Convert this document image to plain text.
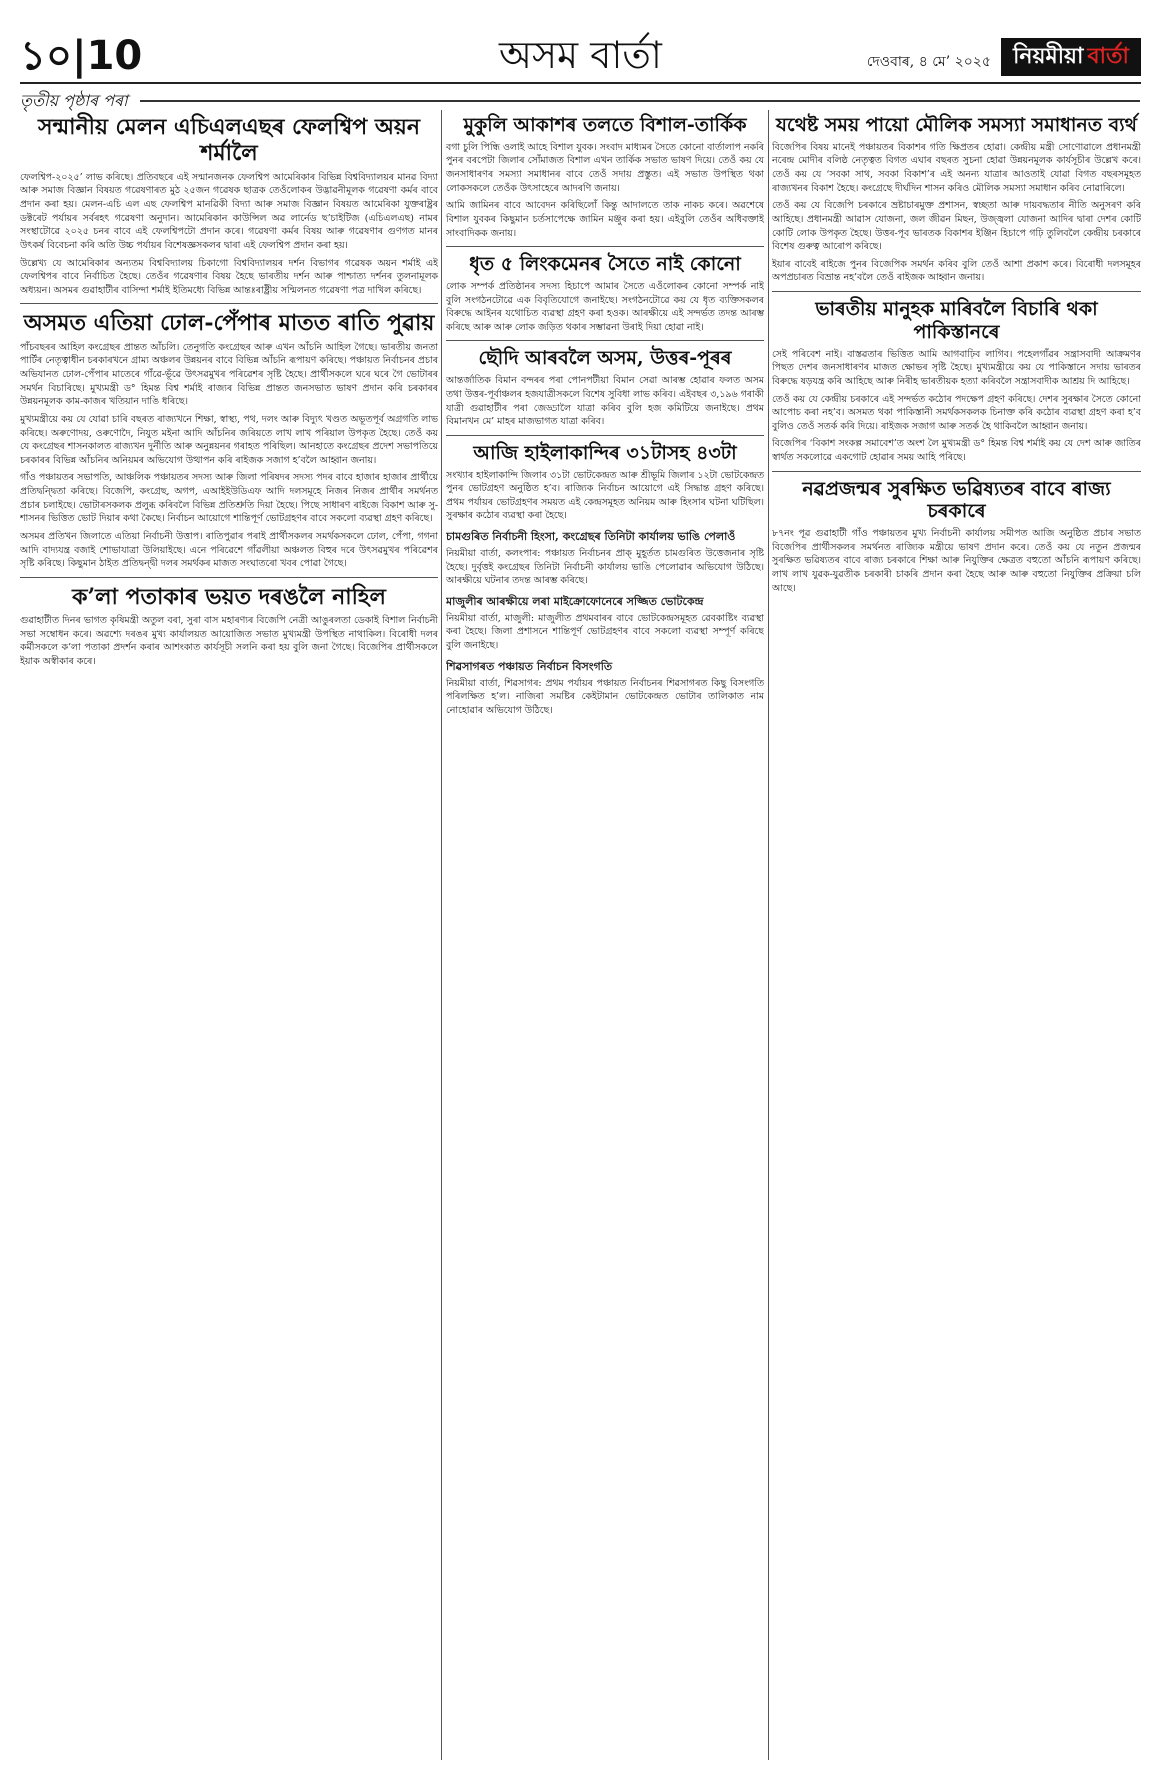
১০|10	অসম বাৰ্তা	দেওবাৰ, ৪ মে’ ২০২৫ নিয়মীয়া বাৰ্তা
তৃতীয় পৃষ্ঠাৰ পৰা
সন্মানীয় মেলন এচিএলএছৰ ফেলশ্বিপ অয়ন শৰ্মালৈ

ফেলশ্বিপ-২০২৫’ লাভ কৰিছে। প্ৰতিবছৰে এই সন্মানজনক ফেলশ্বিপ আমেৰিকাৰ বিভিন্ন বিশ্ববিদ্যালয়ৰ মানৱ বিদ্যা আৰু সমাজ বিজ্ঞান বিষয়ত গৱেষণাৰত মুঠ ২৫জন গৱেষক ছাত্ৰক তেওঁলোকৰ উদ্ভাৱনীমূলক গৱেষণা কৰ্মৰ বাবে প্ৰদান কৰা হয়। মেলন-এচি এল এছ ফেলশ্বিপ মানৱিকী বিদ্যা আৰু সমাজ বিজ্ঞান বিষয়ত আমেৰিকা যুক্তৰাষ্ট্ৰৰ ডক্টৰেট পৰ্যায়ৰ সৰ্বৰহৎ গৱেষণা অনুদান। আমেৰিকান কাউন্সিল অৱ লাৰ্নেড ছ’চাইটিজ (এচিএলএছ) নামৰ সংস্থাটোৱে ২০২৫ চনৰ বাবে এই ফেলশ্বিপটো প্ৰদান কৰে। গৱেষণা কৰ্মৰ বিষয় আৰু গৱেষণাৰ গুণগত মানৰ উৎকৰ্ষ বিবেচনা কৰি অতি উচ্চ পৰ্যায়ৰ বিশেষজ্ঞসকলৰ দ্বাৰা এই ফেলশ্বিপ প্ৰদান কৰা হয়।

উল্লেখ্য যে আমেৰিকাৰ অন্যতম বিশ্ববিদ্যালয় চিকাগো বিশ্ববিদ্যালয়ৰ দৰ্শন বিভাগৰ গৱেষক অয়ন শৰ্মাই এই ফেলশ্বিপৰ বাবে নিৰ্বাচিত হৈছে। তেওঁৰ গৱেষণাৰ বিষয় হৈছে ভাৰতীয় দৰ্শন আৰু পাশ্চাত্য দৰ্শনৰ তুলনামূলক অধ্যয়ন। অসমৰ গুৱাহাটীৰ বাসিন্দা শৰ্মাই ইতিমধ্যে বিভিন্ন আন্তঃৰাষ্ট্ৰীয় সন্মিলনত গৱেষণা পত্ৰ দাখিল কৰিছে।

অসমত এতিয়া ঢোল-পেঁপাৰ মাতত ৰাতি পুৱায়

পাঁচবছৰৰ আহিল কংগ্ৰেছৰ প্ৰান্তত আঁচলি। তেনুগতি কংগ্ৰেছৰ আৰু এখন আঁচনি আহিল গৈছে। ভাৰতীয় জনতা পাৰ্টিৰ নেতৃত্বাধীন চৰকাৰখনে গ্ৰাম্য অঞ্চলৰ উন্নয়নৰ বাবে বিভিন্ন আঁচনি ৰূপায়ণ কৰিছে। পঞ্চায়ত নিৰ্বাচনৰ প্ৰচাৰ অভিযানত ঢোল-পেঁপাৰ মাতেৰে গাঁৱে-ভূঁৱে উৎসৱমুখৰ পৰিৱেশৰ সৃষ্টি হৈছে। প্ৰাৰ্থীসকলে ঘৰে ঘৰে গৈ ভোটাৰৰ সমৰ্থন বিচাৰিছে। মুখ্যমন্ত্ৰী ড° হিমন্ত বিশ্ব শৰ্মাই ৰাজ্যৰ বিভিন্ন প্ৰান্তত জনসভাত ভাষণ প্ৰদান কৰি চৰকাৰৰ উন্নয়নমূলক কাম-কাজৰ খতিয়ান দাঙি ধৰিছে।

মুখ্যমন্ত্ৰীয়ে কয় যে যোৱা চাৰি বছৰত ৰাজ্যখনে শিক্ষা, স্বাস্থ্য, পথ, দলং আৰু বিদ্যুৎ খণ্ডত অভূতপূৰ্ব অগ্ৰগতি লাভ কৰিছে। অৰুণোদয়, ওৰুণোদৈ, নিযুত মইনা আদি আঁচনিৰ জৰিয়তে লাখ লাখ পৰিয়াল উপকৃত হৈছে। তেওঁ কয় যে কংগ্ৰেছৰ শাসনকালত ৰাজ্যখন দুৰ্নীতি আৰু অনুন্নয়নৰ গৰাহত পৰিছিল। আনহাতে কংগ্ৰেছৰ প্ৰদেশ সভাপতিয়ে চৰকাৰৰ বিভিন্ন আঁচনিৰ অনিয়মৰ অভিযোগ উত্থাপন কৰি ৰাইজক সজাগ হ’বলৈ আহ্বান জনায়।

গাঁও পঞ্চায়তৰ সভাপতি, আঞ্চলিক পঞ্চায়তৰ সদস্য আৰু জিলা পৰিষদৰ সদস্য পদৰ বাবে হাজাৰ হাজাৰ প্ৰাৰ্থীয়ে প্ৰতিদ্বন্দ্বিতা কৰিছে। বিজেপি, কংগ্ৰেছ, অগপ, এআইইউডিএফ আদি দলসমূহে নিজৰ নিজৰ প্ৰাৰ্থীৰ সমৰ্থনত প্ৰচাৰ চলাইছে। ভোটাৰসকলক প্ৰলুব্ধ কৰিবলৈ বিভিন্ন প্ৰতিশ্ৰুতি দিয়া হৈছে। পিছে সাধাৰণ ৰাইজে বিকাশ আৰু সু-শাসনৰ ভিত্তিত ভোট দিয়াৰ কথা কৈছে। নিৰ্বাচন আয়োগে শান্তিপূৰ্ণ ভোটগ্ৰহণৰ বাবে সকলো ব্যৱস্থা গ্ৰহণ কৰিছে।

অসমৰ প্ৰতিখন জিলাতে এতিয়া নিৰ্বাচনী উত্তাপ। ৰাতিপুৱাৰ পৰাই প্ৰাৰ্থীসকলৰ সমৰ্থকসকলে ঢোল, পেঁপা, গগনা আদি বাদ্যযন্ত্ৰ বজাই শোভাযাত্ৰা উলিয়াইছে। এনে পৰিৱেশে গাঁৱলীয়া অঞ্চলত বিহুৰ দৰে উৎসৱমুখৰ পৰিৱেশৰ সৃষ্টি কৰিছে। কিছুমান ঠাইত প্ৰতিদ্বন্দ্বী দলৰ সমৰ্থকৰ মাজত সংঘাতৰো খবৰ পোৱা গৈছে।

ক’লা পতাকাৰ ভয়ত দৰঙলৈ নাহিল

গুৱাহাটীত দিনৰ ভাগত কৃষিমন্ত্ৰী অতুল বৰা, সুৰা বাস মহাৰণ্যৰ বিজেপি নেত্ৰী আঙুৰলতা ডেকাই বিশাল নিৰ্বাচনী সভা সম্বোধন কৰে। অৱশ্যে দৰঙৰ মুখ্য কাৰ্যালয়ত আয়োজিত সভাত মুখ্যমন্ত্ৰী উপস্থিত নাথাকিল। বিৰোধী দলৰ কৰ্মীসকলে ক’লা পতাকা প্ৰদৰ্শন কৰাৰ আশংকাত কাৰ্যসূচী সলনি কৰা হয় বুলি জনা গৈছে। বিজেপিৰ প্ৰাৰ্থীসকলে ইয়াক অস্বীকাৰ কৰে।

মুকুলি আকাশৰ তলতে বিশাল-তাৰ্কিক

বগা চুলি পিন্ধি ওলাই আহে বিশাল যুবক। সংবাদ মাধ্যমৰ সৈতে কোনো বাৰ্তালাপ নকৰি পুনৰ বৰপেটা জিলাৰ সোঁমাজত বিশাল এখন তাৰ্কিক সভাত ভাষণ দিয়ে। তেওঁ কয় যে জনসাধাৰণৰ সমস্যা সমাধানৰ বাবে তেওঁ সদায় প্ৰস্তুত। এই সভাত উপস্থিত থকা লোকসকলে তেওঁক উৎসাহেৰে আদৰণি জনায়।

আমি জামিনৰ বাবে আবেদন কৰিছিলোঁ কিন্তু আদালতে তাক নাকচ কৰে। অৱশেষে বিশাল যুবকৰ কিছুমান চৰ্তসাপেক্ষে জামিন মঞ্জুৰ কৰা হয়। এইবুলি তেওঁৰ অধিবক্তাই সাংবাদিকক জনায়।

ধৃত ৫ লিংকমেনৰ সৈতে নাই কোনো

লোক সম্পৰ্ক প্ৰতিষ্ঠানৰ সদস্য হিচাপে আমাৰ সৈতে এওঁলোকৰ কোনো সম্পৰ্ক নাই বুলি সংগঠনটোৱে এক বিবৃতিযোগে জনাইছে। সংগঠনটোৱে কয় যে ধৃত ব্যক্তিসকলৰ বিৰুদ্ধে আইনৰ যথোচিত ব্যৱস্থা গ্ৰহণ কৰা হওক। আৰক্ষীয়ে এই সন্দৰ্ভত তদন্ত আৰম্ভ কৰিছে আৰু আৰু লোক জড়িত থকাৰ সম্ভাৱনা উৰাই দিয়া হোৱা নাই।

ছৌদি আৰবলৈ অসম, উত্তৰ-পূৰৰ

আন্তৰ্জাতিক বিমান বন্দৰৰ পৰা পোনপটীয়া বিমান সেৱা আৰম্ভ হোৱাৰ ফলত অসম তথা উত্তৰ-পূৰ্বাঞ্চলৰ হজযাত্ৰীসকলে বিশেষ সুবিধা লাভ কৰিব। এইবছৰ ৩,১৯৬ গৰাকী যাত্ৰী গুৱাহাটীৰ পৰা জেড্ডালৈ যাত্ৰা কৰিব বুলি হজ কমিটিয়ে জনাইছে। প্ৰথম বিমানখন মে’ মাহৰ মাজভাগত যাত্ৰা কৰিব।

আজি হাইলাকান্দিৰ ৩১টাসহ ৪৩টা

সংখ্যাৰ হাইলাকান্দি জিলাৰ ৩১টা ভোটকেন্দ্ৰত আৰু শ্ৰীভূমি জিলাৰ ১২টা ভোটকেন্দ্ৰত পুনৰ ভোটগ্ৰহণ অনুষ্ঠিত হ’ব। ৰাজ্যিক নিৰ্বাচন আয়োগে এই সিদ্ধান্ত গ্ৰহণ কৰিছে। প্ৰথম পৰ্যায়ৰ ভোটগ্ৰহণৰ সময়ত এই কেন্দ্ৰসমূহত অনিয়ম আৰু হিংসাৰ ঘটনা ঘটিছিল। সুৰক্ষাৰ কঠোৰ ব্যৱস্থা কৰা হৈছে।

চামগুৰিত নিৰ্বাচনী হিংসা, কংগ্ৰেছৰ তিনিটা কাৰ্যালয় ভাঙি পেলাওঁ

নিয়মীয়া বাৰ্তা, কলংপাৰ: পঞ্চায়ত নিৰ্বাচনৰ প্ৰাক্ মুহূৰ্তত চামগুৰিত উত্তেজনাৰ সৃষ্টি হৈছে। দুৰ্বৃত্তই কংগ্ৰেছৰ তিনিটা নিৰ্বাচনী কাৰ্যালয় ভাঙি পেলোৱাৰ অভিযোগ উঠিছে। আৰক্ষীয়ে ঘটনাৰ তদন্ত আৰম্ভ কৰিছে।

মাজুলীৰ আৰক্ষীয়ে লৰা মাইক্ৰোফোনেৰে সজ্জিত ভোটকেন্দ্ৰ

নিয়মীয়া বাৰ্তা, মাজুলী: মাজুলীত প্ৰথমবাৰৰ বাবে ভোটকেন্দ্ৰসমূহত ৱেবকাষ্টিং ব্যৱস্থা কৰা হৈছে। জিলা প্ৰশাসনে শান্তিপূৰ্ণ ভোটগ্ৰহণৰ বাবে সকলো ব্যৱস্থা সম্পূৰ্ণ কৰিছে বুলি জনাইছে।

শিৱসাগৰত পঞ্চায়ত নিৰ্বাচন বিসংগতি

নিয়মীয়া বাৰ্তা, শিৱসাগৰ: প্ৰথম পৰ্যায়ৰ পঞ্চায়ত নিৰ্বাচনৰ শিৱসাগৰত কিছু বিসংগতি পৰিলক্ষিত হ’ল। নাজিৰা সমষ্টিৰ কেইটামান ভোটকেন্দ্ৰত ভোটাৰ তালিকাত নাম নোহোৱাৰ অভিযোগ উঠিছে।

যথেষ্ট সময় পায়ো মৌলিক সমস্যা সমাধানত ব্যৰ্থ

বিজেপিৰ বিষয় মানেই পঞ্চায়তৰ বিকাশৰ গতি ক্ষিপ্ৰতৰ হোৱা। কেন্দ্ৰীয় মন্ত্ৰী সোণোৱালে প্ৰধানমন্ত্ৰী নৰেন্দ্ৰ মোদীৰ বলিষ্ঠ নেতৃত্বত বিগত এঘাৰ বছৰত সুচনা হোৱা উন্নয়নমূলক কাৰ্যসূচীৰ উল্লেখ কৰে। তেওঁ কয় যে ‘সবকা সাথ, সবকা বিকাশ’ৰ এই অনন্য যাত্ৰাৰ আওতাই যোৱা বিগত বছৰসমূহত ৰাজ্যখনৰ বিকাশ হৈছে। কংগ্ৰেছে দীৰ্ঘদিন শাসন কৰিও মৌলিক সমস্যা সমাধান কৰিব নোৱাৰিলে।

তেওঁ কয় যে বিজেপি চৰকাৰে ভ্ৰষ্টাচাৰমুক্ত প্ৰশাসন, স্বচ্ছতা আৰু দায়বদ্ধতাৰ নীতি অনুসৰণ কৰি আহিছে। প্ৰধানমন্ত্ৰী আৱাস যোজনা, জল জীৱন মিছন, উজ্জ্বলা যোজনা আদিৰ দ্বাৰা দেশৰ কোটি কোটি লোক উপকৃত হৈছে। উত্তৰ-পূব ভাৰতক বিকাশৰ ইঞ্জিন হিচাপে গঢ়ি তুলিবলৈ কেন্দ্ৰীয় চৰকাৰে বিশেষ গুৰুত্ব আৰোপ কৰিছে।

ইয়াৰ বাবেই ৰাইজে পুনৰ বিজেপিক সমৰ্থন কৰিব বুলি তেওঁ আশা প্ৰকাশ কৰে। বিৰোধী দলসমূহৰ অপপ্ৰচাৰত বিভ্ৰান্ত নহ’বলৈ তেওঁ ৰাইজক আহ্বান জনায়।

ভাৰতীয় মানুহক মাৰিবলৈ বিচাৰি থকা পাকিস্তানৰে

সেই পৰিবেশ নাই। বাস্তৱতাৰ ভিত্তিত আমি আগবাঢ়িব লাগিব। পহেলগাঁৱৰ সন্ত্ৰাসবাদী আক্ৰমণৰ পিছত দেশৰ জনসাধাৰণৰ মাজত ক্ষোভৰ সৃষ্টি হৈছে। মুখ্যমন্ত্ৰীয়ে কয় যে পাকিস্তানে সদায় ভাৰতৰ বিৰুদ্ধে ষড়যন্ত্ৰ কৰি আহিছে আৰু নিৰীহ ভাৰতীয়ক হত্যা কৰিবলৈ সন্ত্ৰাসবাদীক আশ্ৰয় দি আহিছে।

তেওঁ কয় যে কেন্দ্ৰীয় চৰকাৰে এই সন্দৰ্ভত কঠোৰ পদক্ষেপ গ্ৰহণ কৰিছে। দেশৰ সুৰক্ষাৰ সৈতে কোনো আপোচ কৰা নহ’ব। অসমত থকা পাকিস্তানী সমৰ্থকসকলক চিনাক্ত কৰি কঠোৰ ব্যৱস্থা গ্ৰহণ কৰা হ’ব বুলিও তেওঁ সতৰ্ক কৰি দিয়ে। ৰাইজক সজাগ আৰু সতৰ্ক হৈ থাকিবলৈ আহ্বান জনায়।

বিজেপিৰ ‘বিকাশ সংকল্প সমাবেশ’ত অংশ লৈ মুখ্যমন্ত্ৰী ড° হিমন্ত বিশ্ব শৰ্মাই কয় যে দেশ আৰু জাতিৰ স্বাৰ্থত সকলোৱে একগোট হোৱাৰ সময় আহি পৰিছে।

নৱপ্ৰজন্মৰ সুৰক্ষিত ভৱিষ্যতৰ বাবে ৰাজ্য চৰকাৰে

৮৭নং পূৱ গুৱাহাটী গাঁও পঞ্চায়তৰ মুখ্য নিৰ্বাচনী কাৰ্যালয় সমীপত আজি অনুষ্ঠিত প্ৰচাৰ সভাত বিজেপিৰ প্ৰাৰ্থীসকলৰ সমৰ্থনত ৰাজ্যিক মন্ত্ৰীয়ে ভাষণ প্ৰদান কৰে। তেওঁ কয় যে নতুন প্ৰজন্মৰ সুৰক্ষিত ভৱিষ্যতৰ বাবে ৰাজ্য চৰকাৰে শিক্ষা আৰু নিযুক্তিৰ ক্ষেত্ৰত বহুতো আঁচনি ৰূপায়ণ কৰিছে। লাখ লাখ যুৱক-যুৱতীক চৰকাৰী চাকৰি প্ৰদান কৰা হৈছে আৰু আৰু বহুতো নিযুক্তিৰ প্ৰক্ৰিয়া চলি আছে।
